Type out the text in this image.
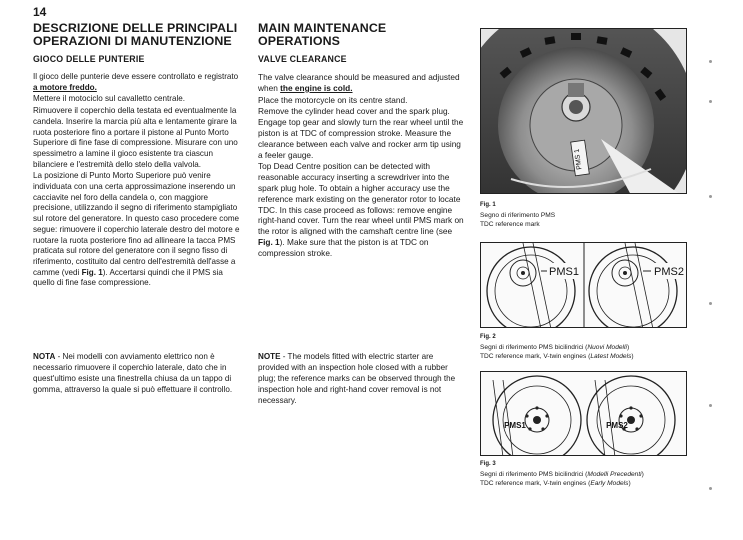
14
DESCRIZIONE DELLE PRINCIPALI
OPERAZIONI DI MANUTENZIONE
GIOCO DELLE PUNTERIE

Il gioco delle punterie deve essere controllato e registrato a motore freddo.

Mettere il motociclo sul cavalletto centrale.

Rimuovere il coperchio della testata ed eventualmente la candela. Inserire la marcia più alta e lentamente girare la ruota posteriore fino a portare il pistone al Punto Morto Superiore di fine fase di compressione. Misurare con uno spessimetro a lamine il gioco esistente tra ciascun bilanciere e l'estremità dello stelo della valvola.

La posizione di Punto Morto Superiore può venire individuata con una certa approssimazione inserendo un cacciavite nel foro della candela o, con maggiore precisione, utilizzando il segno di riferimento stampigliato sul rotore del generatore. In questo caso procedere come segue: rimuovere il coperchio laterale destro del motore e ruotare la ruota posteriore fino ad allineare la tacca PMS praticata sul rotore del generatore con il segno fisso di riferimento, costituito dal centro dell'estremità dell'asse a camme (vedi Fig. 1). Accertarsi quindi che il PMS sia quello di fine fase compressione.

MAIN MAINTENANCE OPERATIONS
VALVE CLEARANCE

The valve clearance should be measured and adjusted when the engine is cold.

Place the motorcycle on its centre stand.

Remove the cylinder head cover and the spark plug. Engage top gear and slowly turn the rear wheel until the piston is at TDC of compression stroke. Measure the clearance between each valve and rocker arm tip using a feeler gauge.

Top Dead Centre position can be detected with reasonable accuracy inserting a screwdriver into the spark plug hole. To obtain a higher accuracy use the reference mark existing on the generator rotor to locate TDC. In this case proceed as follows: remove engine right-hand cover. Turn the rear wheel until PMS mark on the rotor is aligned with the camshaft centre line (see Fig. 1). Make sure that the piston is at TDC on compression stroke.

NOTA - Nei modelli con avviamento elettrico non è necessario rimuovere il coperchio laterale, dato che in quest'ultimo esiste una finestrella chiusa da un tappo di gomma, attraverso la quale si può effettuare il controllo.
NOTE - The models fitted with electric starter are provided with an inspection hole closed with a rubber plug; the reference marks can be observed through the inspection hole and right-hand cover removal is not necessary.
PMS 1
Fig. 1
Segno di riferimento PMS
TDC reference mark
PMS1	PMS2
Fig. 2
Segni di riferimento PMS bicilindrici (Nuovi Modelli)
TDC reference mark, V-twin engines (Latest Models)
PMS1	PMS2
Fig. 3
Segni di riferimento PMS bicilindrici (Modelli Precedenti)
TDC reference mark, V-twin engines (Early Models)
